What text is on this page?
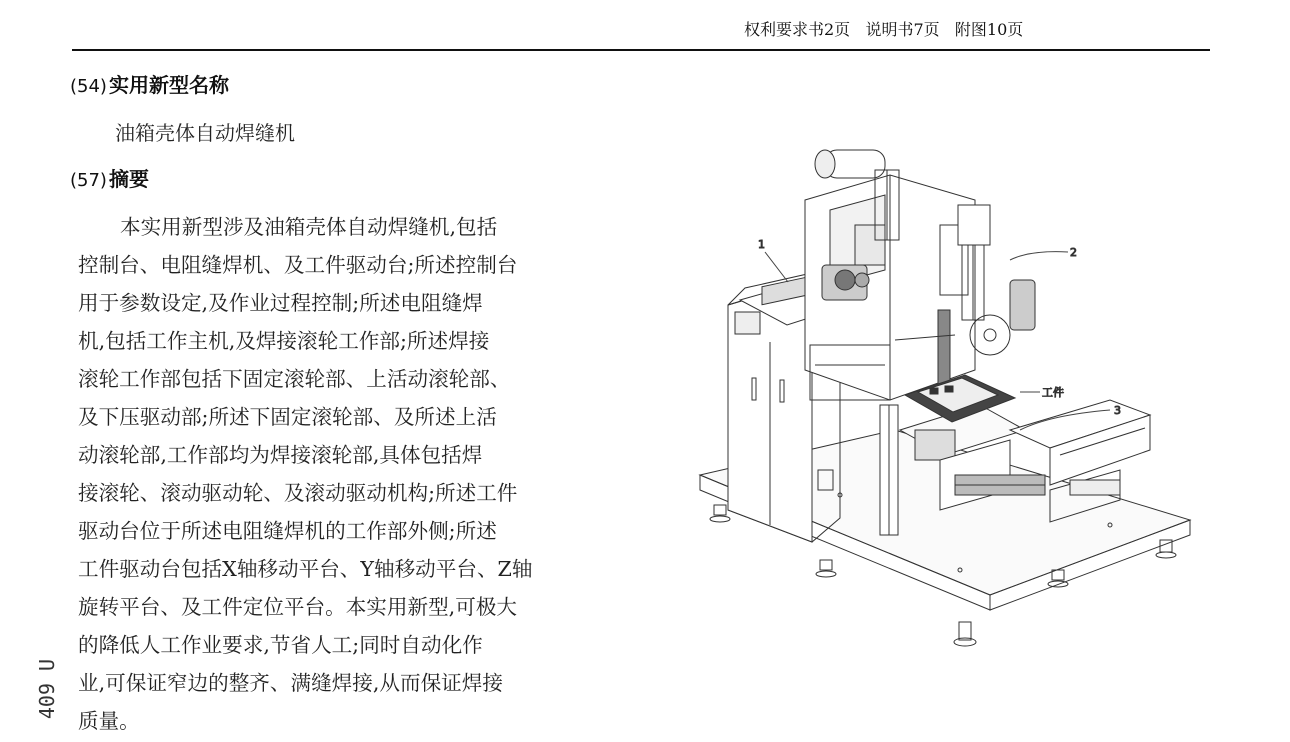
权利要求书2页 说明书7页 附图10页
(54) 实用新型名称
油箱壳体自动焊缝机
(57) 摘要

本实用新型涉及油箱壳体自动焊缝机,包括
控制台、电阻缝焊机、及工件驱动台;所述控制台
用于参数设定,及作业过程控制;所述电阻缝焊
机,包括工作主机,及焊接滚轮工作部;所述焊接
滚轮工作部包括下固定滚轮部、上活动滚轮部、
及下压驱动部;所述下固定滚轮部、及所述上活
动滚轮部,工作部均为焊接滚轮部,具体包括焊
接滚轮、滚动驱动轮、及滚动驱动机构;所述工件
驱动台位于所述电阻缝焊机的工作部外侧;所述
工件驱动台包括X轴移动平台、Y轴移动平台、Z轴
旋转平台、及工件定位平台。本实用新型,可极大
的降低人工作业要求,节省人工;同时自动化作
业,可保证窄边的整齐、满缝焊接,从而保证焊接
质量。

409 U
1
2
工件
3
